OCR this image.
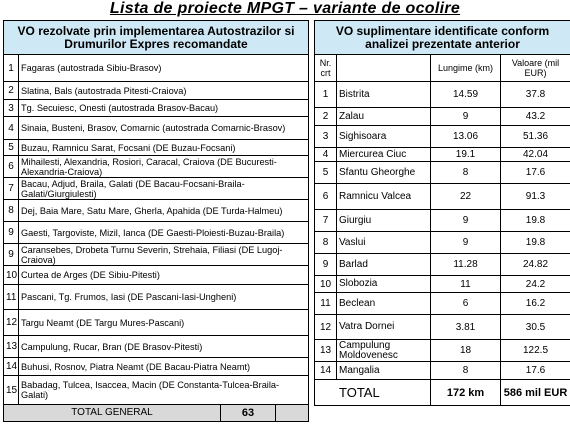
Lista de proiecte MPGT – variante de ocolire
VO rezolvate prin implementarea Autostrazilor si Drumurilor Expres recomandate	
1	Fagaras (autostrada Sibiu-Brasov)
2	Slatina, Bals (autostrada Pitesti-Craiova)
3	Tg. Secuiesc, Onesti (autostrada Brasov-Bacau)
4	Sinaia, Busteni, Brasov, Comarnic (autostrada Comarnic-Brasov)
5	Buzau, Ramnicu Sarat, Focsani (DE Buzau-Focsani)
6	Mihailesti, Alexandria, Rosiori, Caracal, Craiova (DE Bucuresti-Alexandria-Craiova)
7	Bacau, Adjud, Braila, Galati (DE Bacau-Focsani-Braila-Galati/Giurgiulesti)
8	Dej, Baia Mare, Satu Mare, Gherla, Apahida (DE Turda-Halmeu)
9	Gaesti, Targoviste, Mizil, Ianca (DE Gaesti-Ploiesti-Buzau-Braila)
9	Caransebes, Drobeta Turnu Severin, Strehaia, Filiasi (DE Lugoj-Craiova)
10	Curtea de Arges (DE Sibiu-Pitesti)
11	Pascani, Tg. Frumos, Iasi (DE Pascani-Iasi-Ungheni)
12	Targu Neamt (DE Targu Mures-Pascani)
13	Campulung, Rucar, Bran (DE Brasov-Pitesti)
14	Buhusi, Rosnov, Piatra Neamt (DE Bacau-Piatra Neamt)
15	Babadag, Tulcea, Isaccea, Macin (DE Constanta-Tulcea-Braila-Galati)

TOTAL GENERAL 63	
VO suplimentare identificate conform analizei prezentate anterior			
Nr. crt		Lungime (km)	Valoare (mil EUR)
1	Bistrita	14.59	37.8
2	Zalau	9	43.2
3	Sighisoara	13.06	51.36
4	Miercurea Ciuc	19.1	42.04
5	Sfantu Gheorghe	8	17.6
6	Ramnicu Valcea	22	91.3
7	Giurgiu	9	19.8
8	Vaslui	9	19.8
9	Barlad	11.28	24.82
10	Slobozia	11	24.2
11	Beclean	6	16.2
12	Vatra Dornei	3.81	30.5
13	Campulung Moldovenesc	18	122.5
14	Mangalia	8	17.6
TOTAL		172 km	586 mil EUR
